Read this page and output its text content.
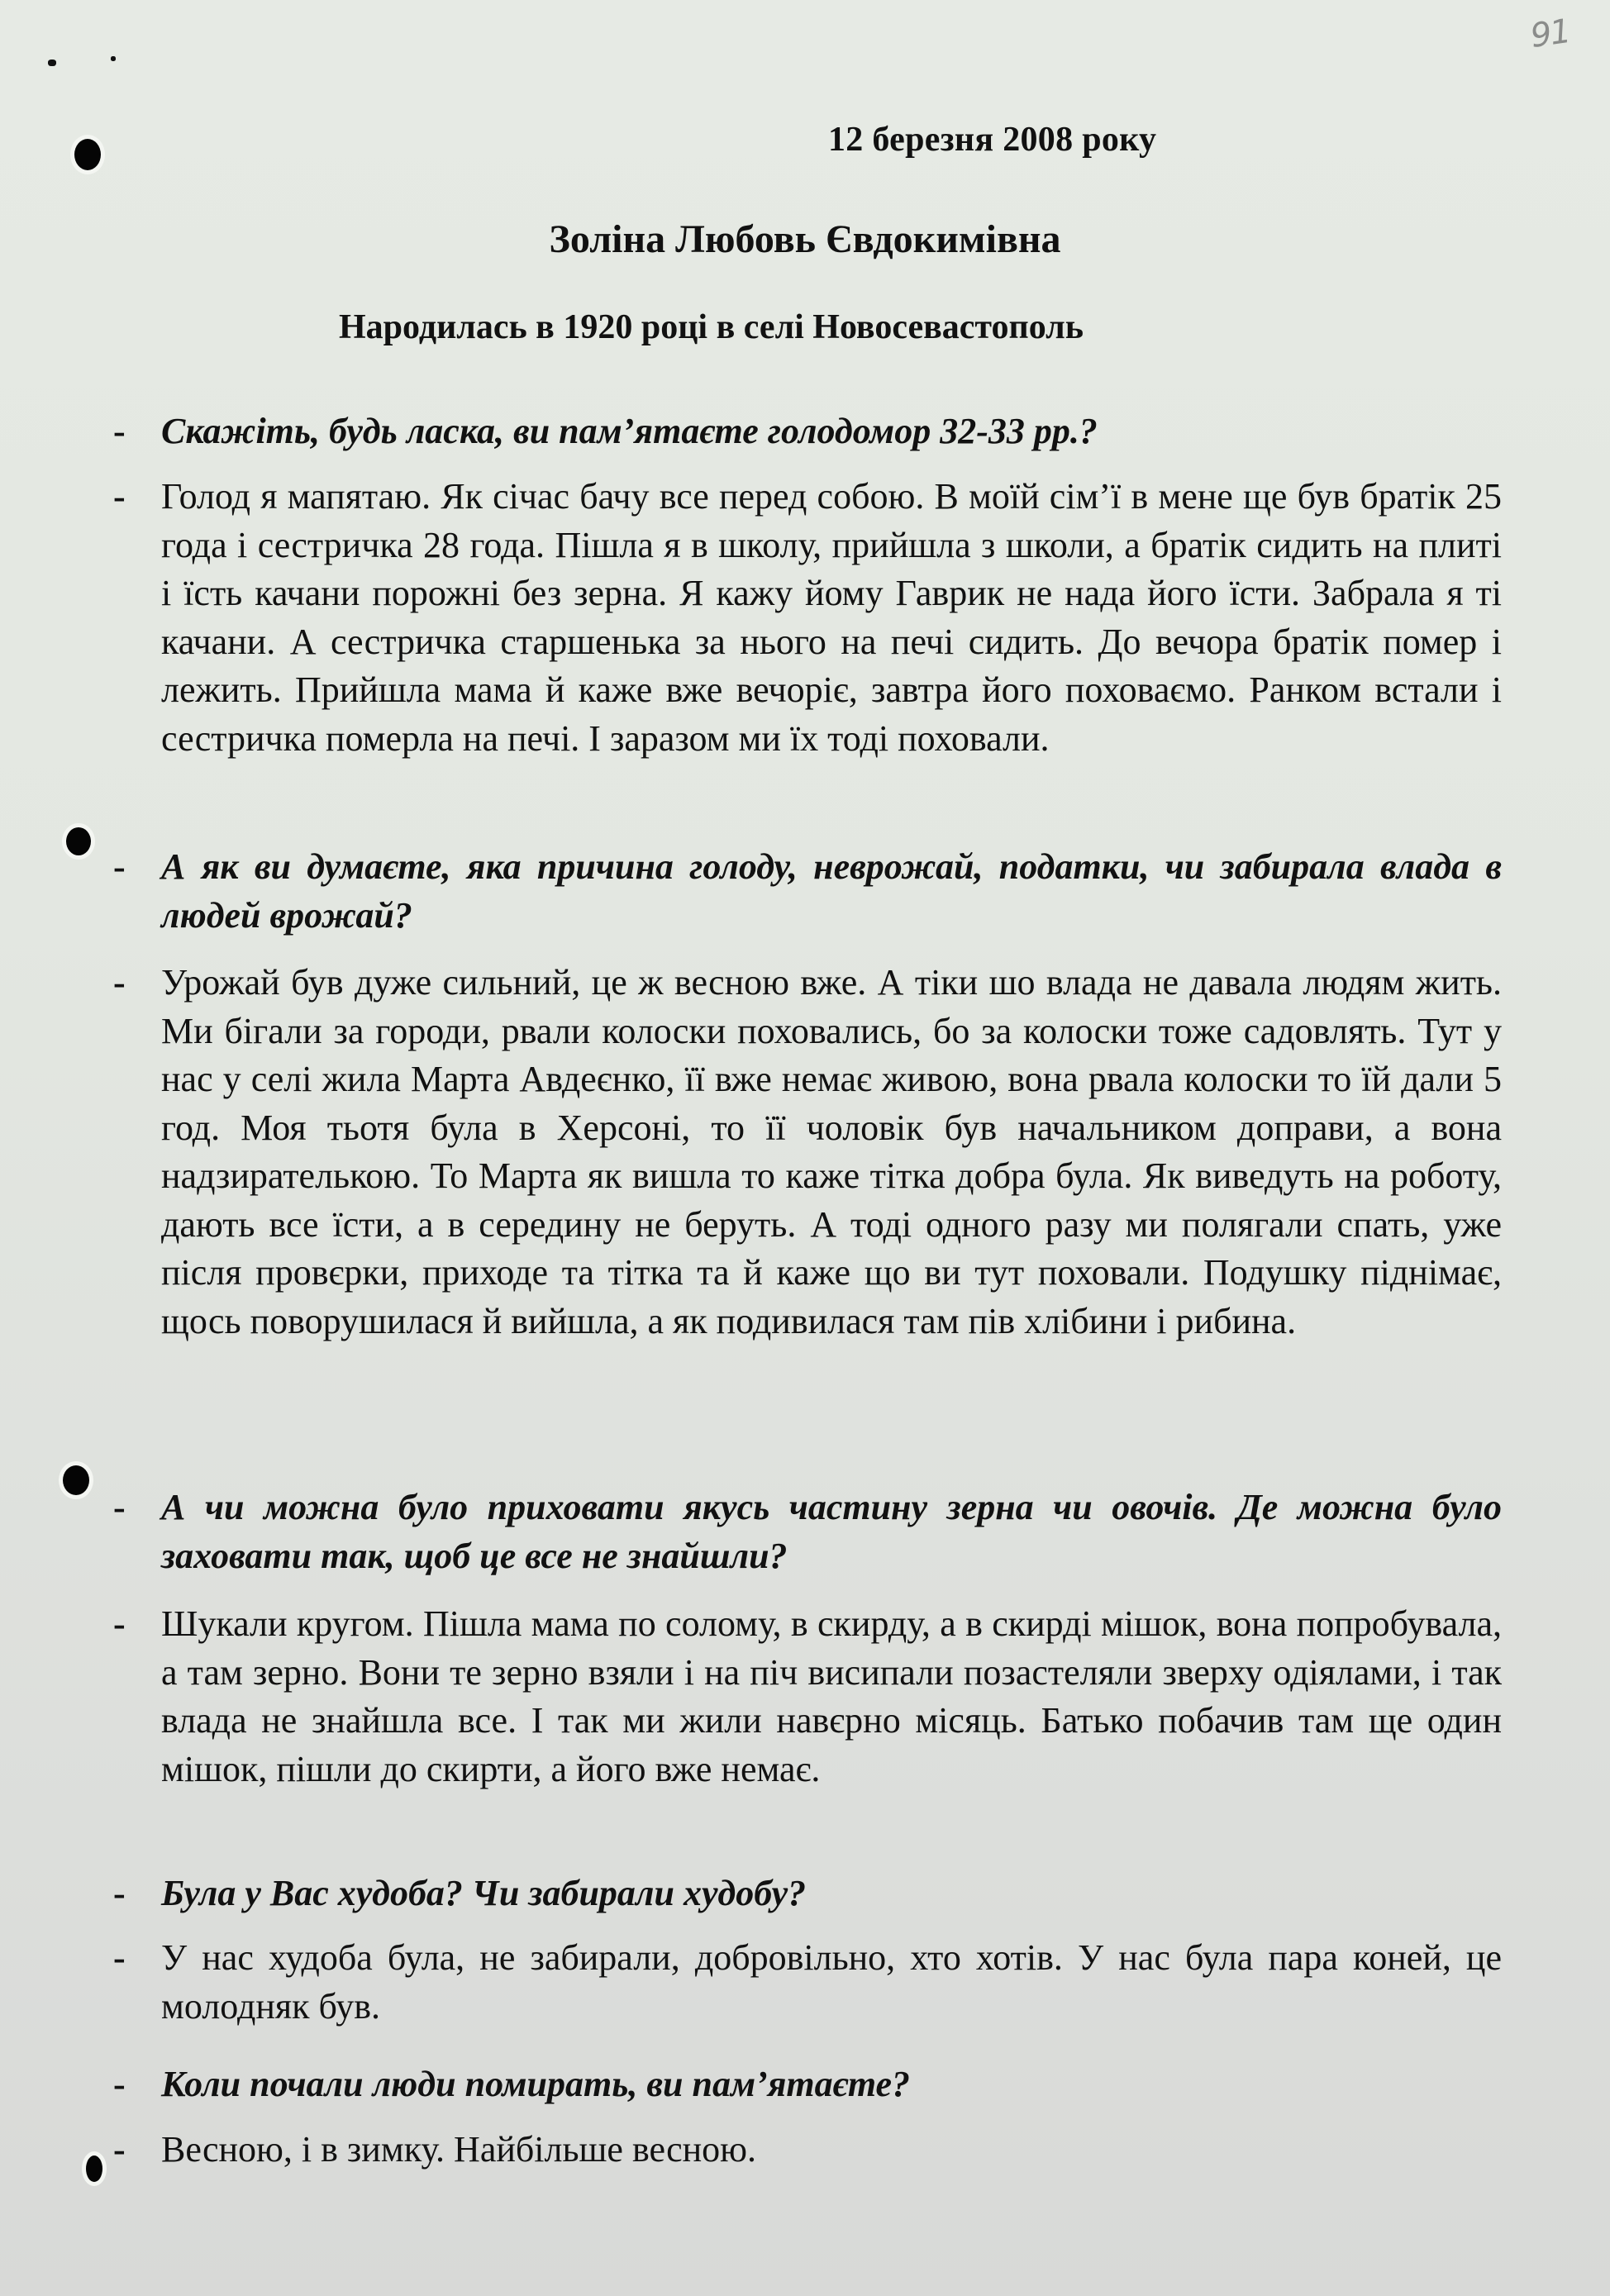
91
12 березня 2008 року
Золіна Любовь Євдокимівна
Народилась в 1920 році в селі Новосевастополь
- Скажіть, будь ласка, ви пам’ятаєте голодомор 32-33 рр.?
- Голод я мапятаю. Як січас бачу все перед собою. В моїй сім’ї в мене ще був братік 25 года і сестричка 28 года. Пішла я в школу, прийшла з школи, а братік сидить на плиті і їсть качани порожні без зерна. Я кажу йому Гаврик не нада його їсти. Забрала я ті качани. А сестричка старшенька за нього на печі сидить. До вечора братік помер і лежить. Прийшла мама й каже вже вечоріє, завтра його поховаємо. Ранком встали і сестричка померла на печі. І заразом ми їх тоді поховали.
- А як ви думаєте, яка причина голоду, неврожай, податки, чи забирала влада в людей врожай?
- Урожай був дуже сильний, це ж весною вже. А тіки шо влада не давала людям жить. Ми бігали за городи, рвали колоски поховались, бо за колоски тоже садовлять. Тут у нас у селі жила Марта Авдеєнко, її вже немає живою, вона рвала колоски то їй дали 5 год. Моя тьотя була в Херсоні, то її чоловік був начальником доправи, а вона надзирателькою. То Марта як вишла то каже тітка добра була. Як виведуть на роботу, дають все їсти, а в середину не беруть. А тоді одного разу ми полягали спать, уже після провєрки, приходе та тітка та й каже що ви тут поховали. Подушку піднімає, щось поворушилася й вийшла, а як подивилася там пів хлібини і рибина.
- А чи можна було приховати якусь частину зерна чи овочів. Де можна було заховати так, щоб це все не знайшли?
- Шукали кругом. Пішла мама по солому, в скирду, а в скирді мішок, вона попробувала, а там зерно. Вони те зерно взяли і на піч висипали позастеляли зверху одіялами, і так влада не знайшла все. І так ми жили навєрно місяць. Батько побачив там ще один мішок, пішли до скирти, а його вже немає.
- Була у Вас худоба? Чи забирали худобу?
- У нас худоба була, не забирали, добровільно, хто хотів. У нас була пара коней, це молодняк був.
- Коли почали люди помирать, ви пам’ятаєте?
- Весною, і в зимку. Найбільше весною.
